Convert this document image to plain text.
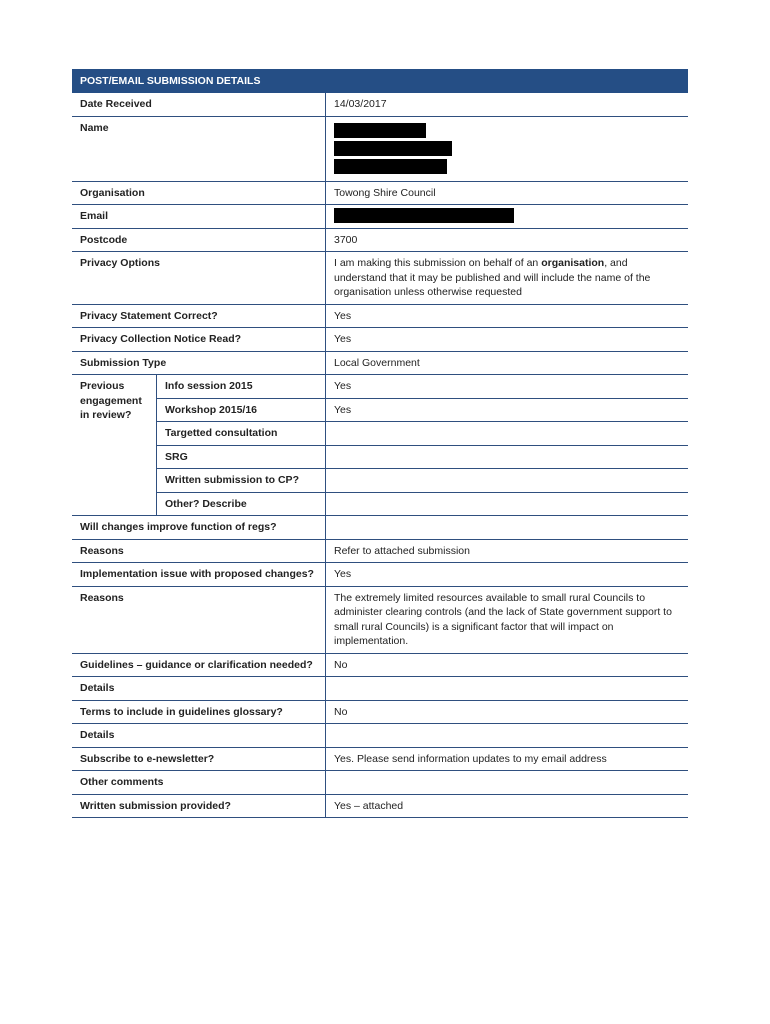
POST/EMAIL SUBMISSION DETAILS
Date Received	14/03/2017
Name
Organisation	Towong Shire Council
Email
Postcode	3700
Privacy Options	I am making this submission on behalf of an organisation, and understand that it may be published and will include the name of the organisation unless otherwise requested
Privacy Statement Correct?	Yes
Privacy Collection Notice Read?	Yes
Submission Type	Local Government
Previous engagement in review?
Info session 2015	Yes
Workshop 2015/16	Yes
Targetted consultation
SRG
Written submission to CP?
Other? Describe
Will changes improve function of regs?
Reasons	Refer to attached submission
Implementation issue with proposed changes?	Yes
Reasons	The extremely limited resources available to small rural Councils to administer clearing controls (and the lack of State government support to small rural Councils) is a significant factor that will impact on implementation.
Guidelines – guidance or clarification needed?	No
Details
Terms to include in guidelines glossary?	No
Details
Subscribe to e-newsletter?	Yes. Please send information updates to my email address
Other comments
Written submission provided?	Yes – attached
